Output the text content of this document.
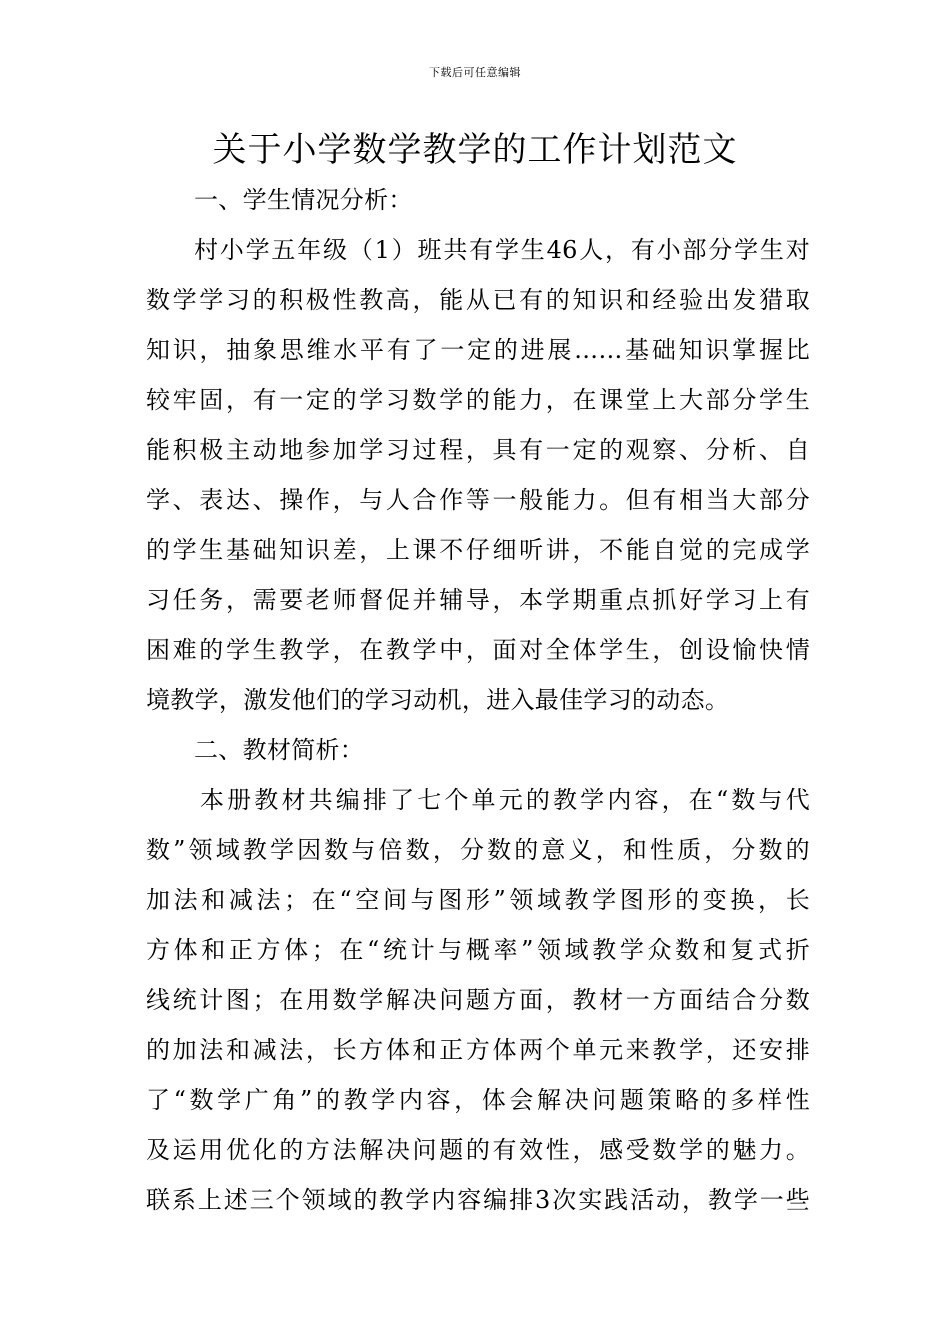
下载后可任意编辑
关于小学数学教学的工作计划范文
一、学生情况分析：
村小学五年级（1）班共有学生46人，有小部分学生对
数学学习的积极性教高，能从已有的知识和经验出发猎取
知识，抽象思维水平有了一定的进展……基础知识掌握比
较牢固，有一定的学习数学的能力，在课堂上大部分学生
能积极主动地参加学习过程，具有一定的观察、分析、自
学、表达、操作，与人合作等一般能力。但有相当大部分
的学生基础知识差，上课不仔细听讲，不能自觉的完成学
习任务，需要老师督促并辅导，本学期重点抓好学习上有
困难的学生教学，在教学中，面对全体学生，创设愉快情
境教学，激发他们的学习动机，进入最佳学习的动态。
二、教材简析：
本册教材共编排了七个单元的教学内容，在“数与代
数”领域教学因数与倍数，分数的意义，和性质，分数的
加法和减法；在“空间与图形”领域教学图形的变换，长
方体和正方体；在“统计与概率”领域教学众数和复式折
线统计图；在用数学解决问题方面，教材一方面结合分数
的加法和减法，长方体和正方体两个单元来教学，还安排
了“数学广角”的教学内容，体会解决问题策略的多样性
及运用优化的方法解决问题的有效性，感受数学的魅力。
联系上述三个领域的教学内容编排3次实践活动，教学一些
